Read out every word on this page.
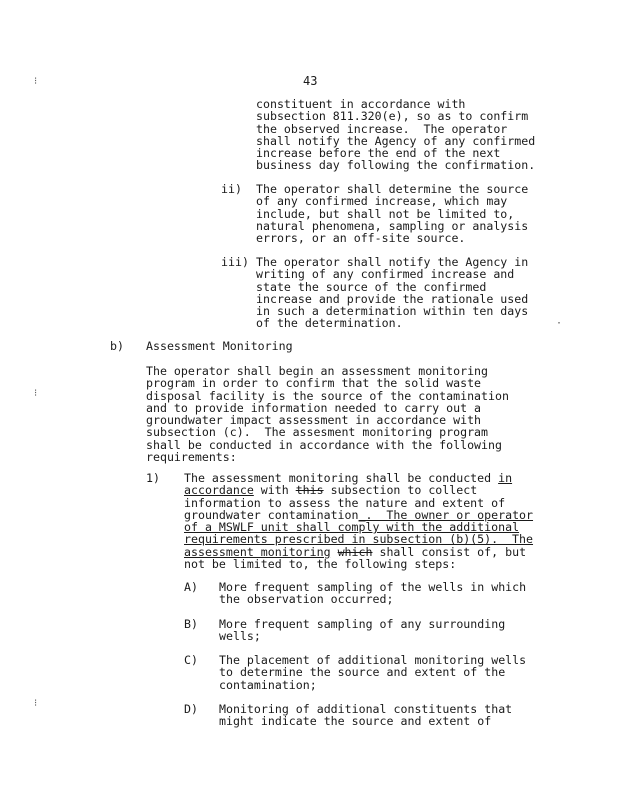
⁝
⁝
⁝
·
43
constituent in accordance with
subsection 811.320(e), so as to confirm
the observed increase.  The operator
shall notify the Agency of any confirmed
increase before the end of the next
business day following the confirmation.
ii) The operator shall determine the source
of any confirmed increase, which may
include, but shall not be limited to,
natural phenomena, sampling or analysis
errors, or an off-site source.
iii) The operator shall notify the Agency in
writing of any confirmed increase and
state the source of the confirmed
increase and provide the rationale used
in such a determination within ten days
of the determination.
b) Assessment Monitoring
The operator shall begin an assessment monitoring
program in order to confirm that the solid waste
disposal facility is the source of the contamination
and to provide information needed to carry out a
groundwater impact assessment in accordance with
subsection (c).  The assesment monitoring program
shall be conducted in accordance with the following
requirements:
1) The assessment monitoring shall be conducted in
accordance with this subsection to collect
information to assess the nature and extent of
groundwater contamination_.  The owner or operator
of a MSWLF unit shall comply with the additional
requirements prescribed in subsection (b)(5).  The
assessment monitoring which shall consist of, but
not be limited to, the following steps:
A) More frequent sampling of the wells in which
the observation occurred;
B) More frequent sampling of any surrounding
wells;
C) The placement of additional monitoring wells
to determine the source and extent of the
contamination;
D) Monitoring of additional constituents that
might indicate the source and extent of
